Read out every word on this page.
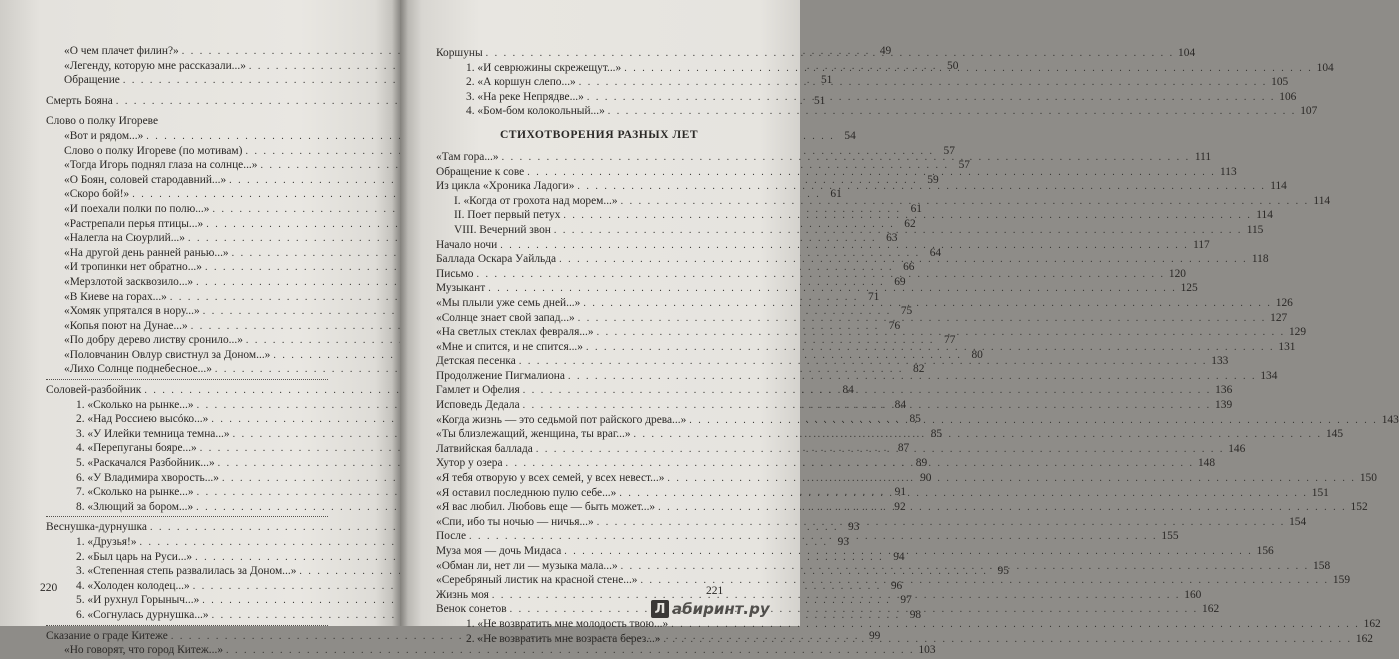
«О чем плачет филин?» . . .	49
«Легенду, которую мне рассказали...» . . .	50
Обращение . . .	51
Смерть Бояна . . .	51
Слово о полку Игореве
«Вот и рядом...» . . .	54
Слово о полку Игореве (по мотивам) . . .	57
«Тогда Игорь поднял глаза на солнце...» . . .	57
«О Боян, соловей стародавний...» . . .	59
«Скоро бой!» . . .	61
«И поехали полки по полю...» . . .	61
«Растрепали перья птицы...» . . .	62
«Налегла на Сюурлий...» . . .	63
«На другой день ранней ранью...» . . .	64
«И тропинки нет обратно...» . . .	66
«Мерзлотой засквозило...» . . .	69
«В Киеве на горах...» . . .	71
«Хомяк упрятался в нору...» . . .	75
«Копья поют на Дунае...» . . .	76
«По добру дерево листву сронило...» . . .	77
«Половчанин Овлур свистнул за Доном...» . . .	80
«Лихо Солнце поднебесное...» . . .	82
Соловей-разбойник . . .	84
1. «Сколько на рынке...» . . .	84
2. «Над Россиею высóко...» . . .	85
3. «У Илейки темница темна...» . . .	85
4. «Перепуганы бояре...» . . .	87
5. «Раскачался Разбойник...» . . .	89
6. «У Владимира хворость...» . . .	90
7. «Сколько на рынке...» . . .	91
8. «Злющий за бором...» . . .	92
Веснушка-дурнушка . . .	93
1. «Друзья!» . . .	93
2. «Был царь на Руси...» . . .	94
3. «Степенная степь развалилась за Доном...» . . .	95
4. «Холоден колодец...» . . .	96
5. «И рухнул Горыныч...» . . .	97
6. «Согнулась дурнушка...» . . .	98
Сказание о граде Китеже . . .	99
«Но говорят, что город Китеж...» . . .	103
220
Коршуны . . .	104
1. «И севрюжины скрежещут...» . . .	104
2. «А коршун слепо...» . . .	105
3. «На реке Непрядве...» . . .	106
4. «Бом-бом колокольный...» . . .	107
СТИХОТВОРЕНИЯ РАЗНЫХ ЛЕТ
«Там гора...» . . .	111
Обращение к сове . . .	113
Из цикла «Хроника Ладоги» . . .	114
I. «Когда от грохота над морем...» . . .	114
II. Поет первый петух . . .	114
VIII. Вечерний звон . . .	115
Начало ночи . . .	117
Баллада Оскара Уайльда . . .	118
Письмо . . .	120
Музыкант . . .	125
«Мы плыли уже семь дней...» . . .	126
«Солнце знает свой запад...» . . .	127
«На светлых стеклах февраля...» . . .	129
«Мне и спится, и не спится...» . . .	131
Детская песенка . . .	133
Продолжение Пигмалиона . . .	134
Гамлет и Офелия . . .	136
Исповедь Дедала . . .	139
«Когда жизнь — это седьмой пот райского древа...» . . .	143
«Ты близлежащий, женщина, ты враг...» . . .	145
Латвийская баллада . . .	146
Хутор у озера . . .	148
«Я тебя отворую у всех семей, у всех невест...» . . .	150
«Я оставил последнюю пулю себе...» . . .	151
«Я вас любил. Любовь еще — быть может...» . . .	152
«Спи, ибо ты ночью — ничья...» . . .	154
После . . .	155
Муза моя — дочь Мидаса . . .	156
«Обман ли, нет ли — музыка мала...» . . .	158
«Серебряный листик на красной стене...» . . .	159
Жизнь моя . . .	160
Венок сонетов . . .	162
1. «Не возвратить мне молодость твою...» . . .	162
2. «Не возвратить мне возраста берез...» . . .	162
221
Л абиринт.ру
